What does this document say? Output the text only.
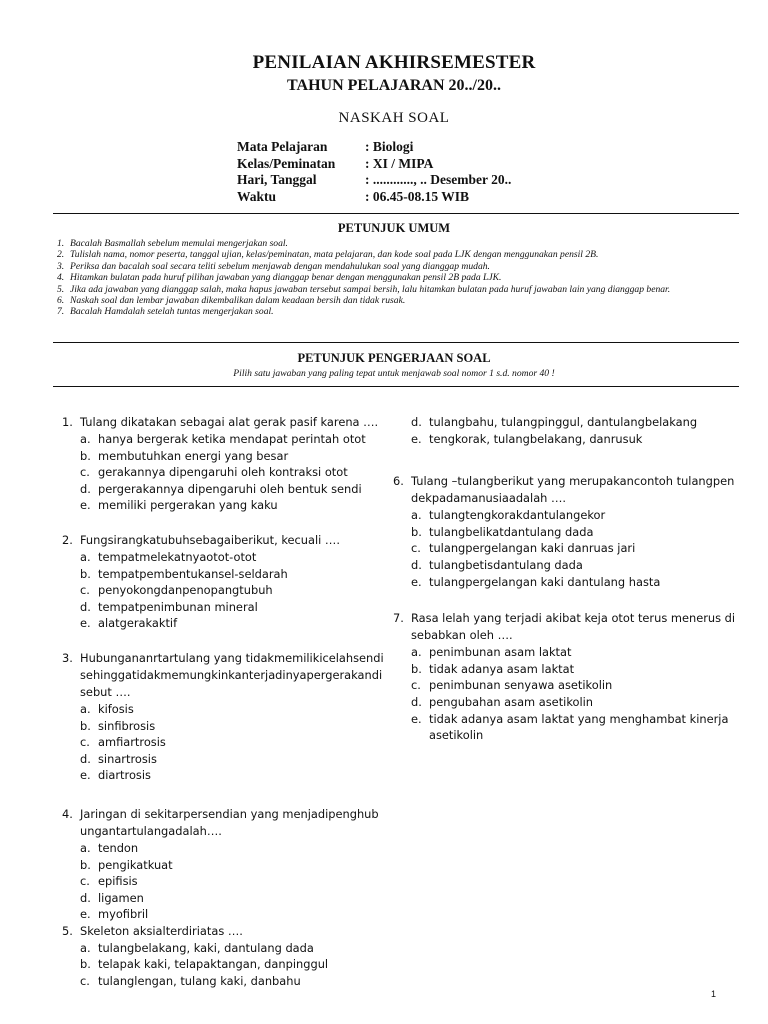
PENILAIAN AKHIRSEMESTER
TAHUN PELAJARAN 20../20..
NASKAH SOAL
Mata Pelajaran	: Biologi
Kelas/Peminatan	: XI / MIPA
Hari, Tanggal	: ............, .. Desember 20..
Waktu	: 06.45-08.15 WIB
PETUNJUK UMUM
1. Bacalah Basmallah sebelum memulai mengerjakan soal.
2. Tulislah nama, nomor peserta, tanggal ujian, kelas/peminatan, mata pelajaran, dan kode soal pada LJK dengan menggunakan pensil 2B.
3. Periksa dan bacalah soal secara teliti sebelum menjawab dengan mendahulukan soal yang dianggap mudah.
4. Hitamkan bulatan pada huruf pilihan jawaban yang dianggap benar dengan menggunakan pensil 2B pada LJK.
5. Jika ada jawaban yang dianggap salah, maka hapus jawaban tersebut sampai bersih, lalu hitamkan bulatan pada huruf jawaban lain yang dianggap benar.
6. Naskah soal dan lembar jawaban dikembalikan dalam keadaan bersih dan tidak rusak.
7. Bacalah Hamdalah setelah tuntas mengerjakan soal.
PETUNJUK PENGERJAAN SOAL
Pilih satu jawaban yang paling tepat untuk menjawab soal nomor 1 s.d. nomor 40 !
1. Tulang dikatakan sebagai alat gerak pasif karena ….
a. hanya bergerak ketika mendapat perintah otot
b. membutuhkan energi yang besar
c. gerakannya dipengaruhi oleh kontraksi otot
d. pergerakannya dipengaruhi oleh bentuk sendi
e. memiliki pergerakan yang kaku
2. Fungsirangkatubuhsebagaiberikut, kecuali ….
a. tempatmelekatnyaotot-otot
b. tempatpembentukansel-seldarah
c. penyokongdanpenopangtubuh
d. tempatpenimbunan mineral
e. alatgerakaktif
3. Hubungananrtartulang yang tidakmemilikicelahsendisehinggatidakmemungkinkanterjadinyapergerakandisebut ….
a. kifosis
b. sinfibrosis
c. amfiartrosis
d. sinartrosis
e. diartrosis
4. Jaringan di sekitarpersendian yang menjadipenghubungantartulangadalah….
a. tendon
b. pengikatkuat
c. epifisis
d. ligamen
e. myofibril
5. Skeleton aksialterdiriatas ….
a. tulangbelakang, kaki, dantulang dada
b. telapak kaki, telapaktangan, danpinggul
c. tulanglengan, tulang kaki, danbahu
d. tulangbahu, tulangpinggul, dantulangbelakang
e. tengkorak, tulangbelakang, danrusuk
6. Tulang –tulangberikut yang merupakancontoh tulangpendekpadamanusiaadalah ….
a. tulangtengkorakdantulangekor
b. tulangbelikatdantulang dada
c. tulangpergelangan kaki danruas jari
d. tulangbetisdantulang dada
e. tulangpergelangan kaki dantulang hasta
7. Rasa lelah yang terjadi akibat keja otot terus menerus disebabkan oleh ….
a. penimbunan asam laktat
b. tidak adanya asam laktat
c. penimbunan senyawa asetikolin
d. pengubahan asam asetikolin
e. tidak adanya asam laktat yang menghambat kinerja asetikolin
1
